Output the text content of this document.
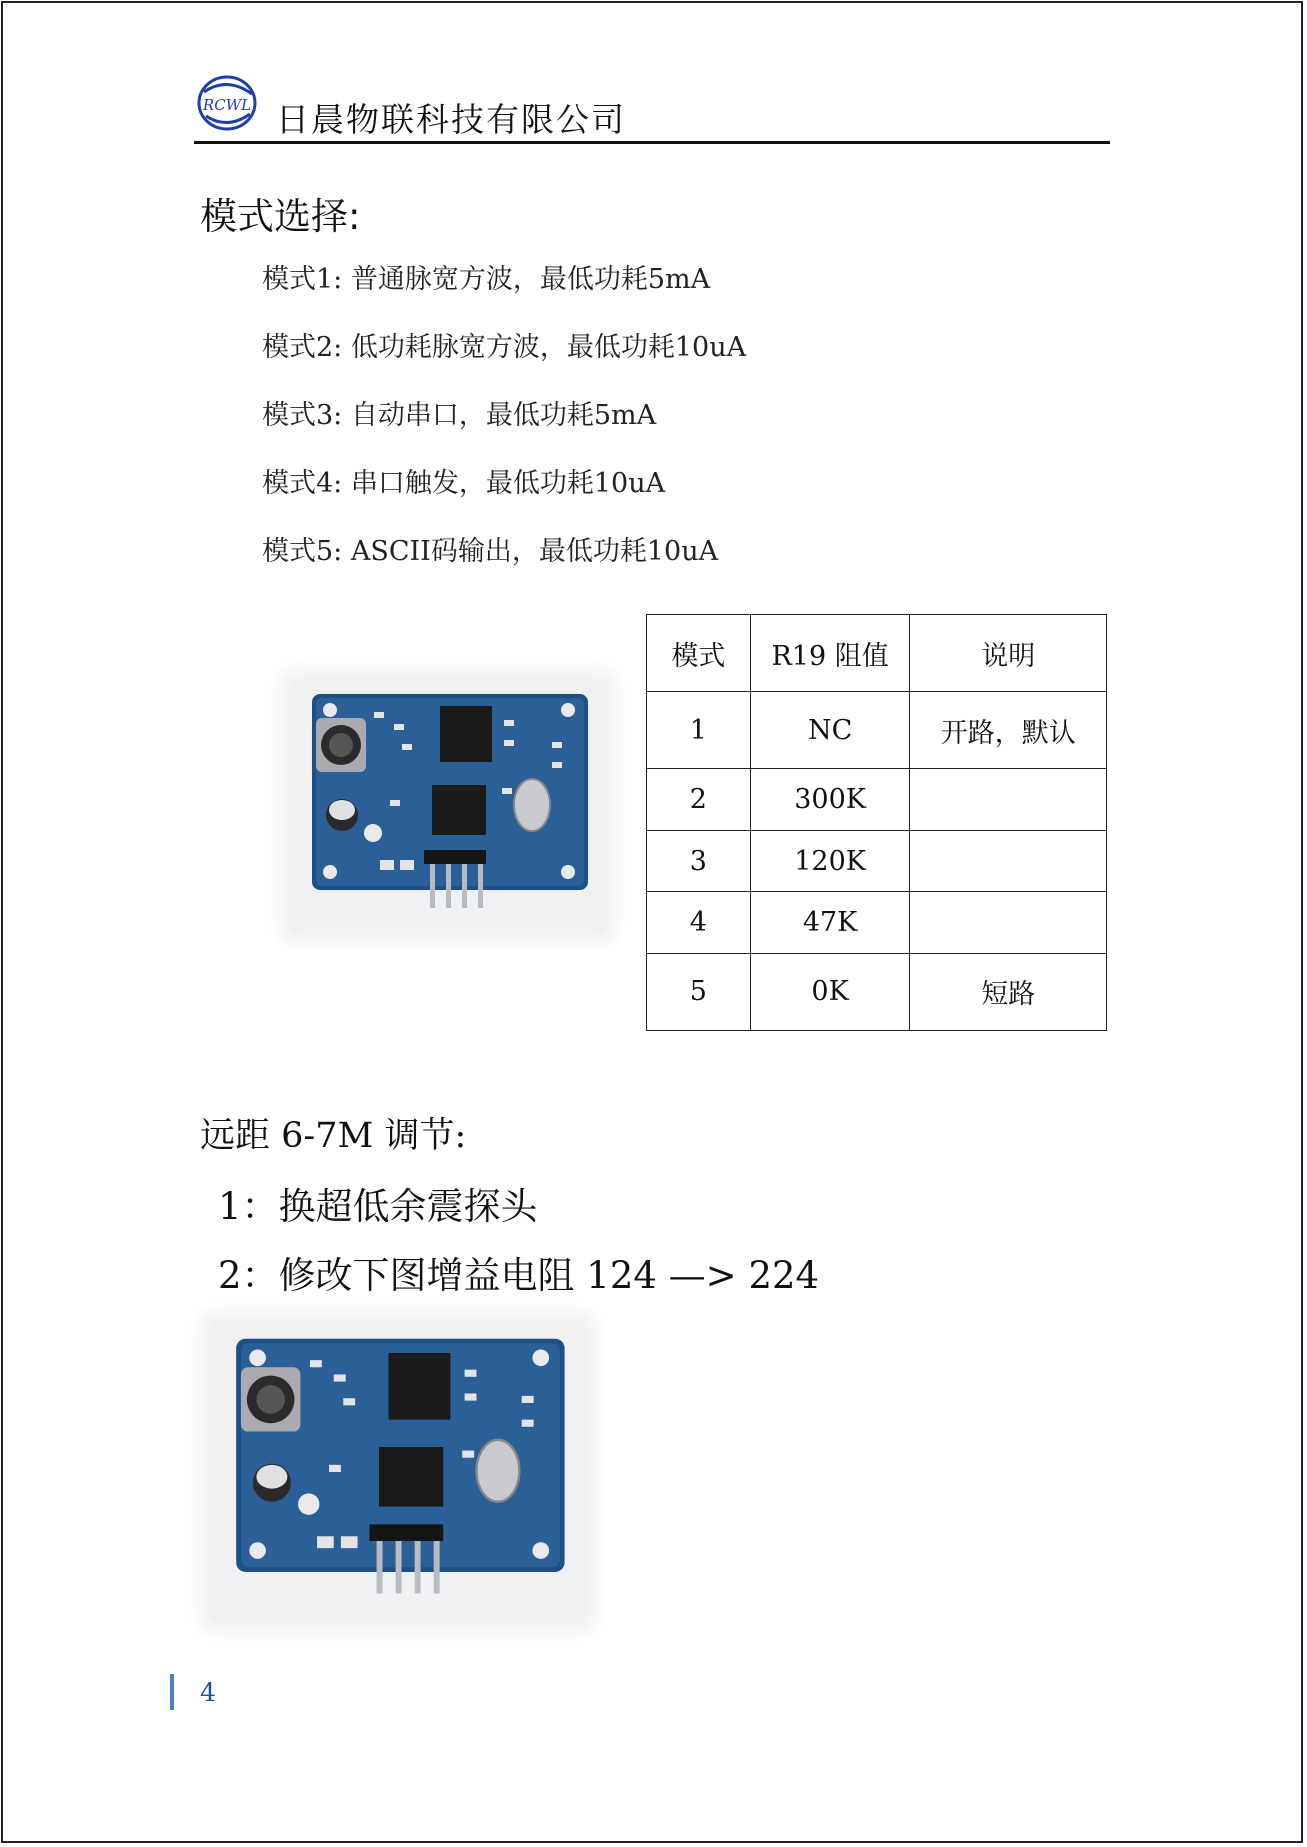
RCWL 日晨物联科技有限公司
模式选择:
模式1: 普通脉宽方波，最低功耗5mA
模式2: 低功耗脉宽方波，最低功耗10uA
模式3: 自动串口，最低功耗5mA
模式4: 串口触发，最低功耗10uA
模式5: ASCII码输出，最低功耗10uA
模式	R19 阻值	说明
1	NC	开路，默认
2	300K	
3	120K	
4	47K	
5	0K	短路
远距 6-7M 调节:
1：换超低余震探头
2：修改下图增益电阻 124 —> 224
4
